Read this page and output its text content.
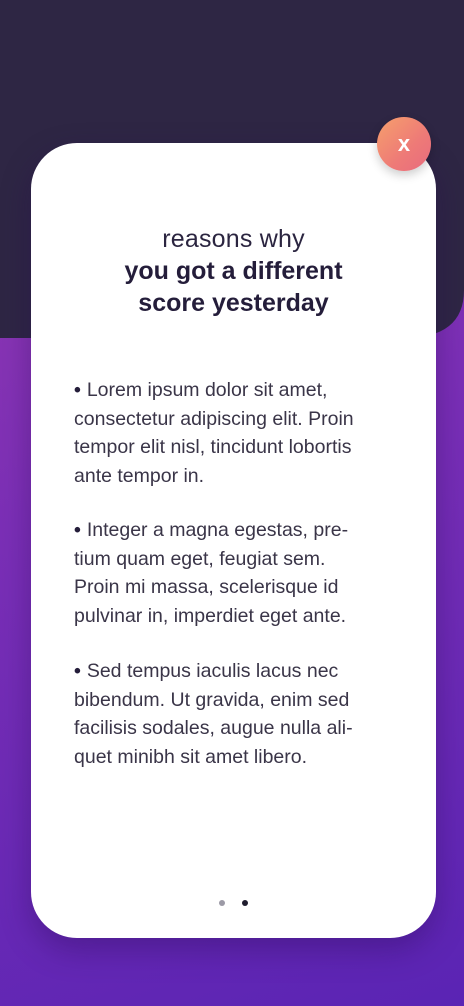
reasons why
you got a different
score yesterday
• Lorem ipsum dolor sit amet,
consectetur adipiscing elit. Proin
tempor elit nisl, tincidunt lobortis
ante tempor in.
• Integer a magna egestas, pre-
tium quam eget, feugiat sem.
Proin mi massa, scelerisque id
pulvinar in, imperdiet eget ante.
• Sed tempus iaculis lacus nec
bibendum. Ut gravida, enim sed
facilisis sodales, augue nulla ali-
quet minibh sit amet libero.
x
